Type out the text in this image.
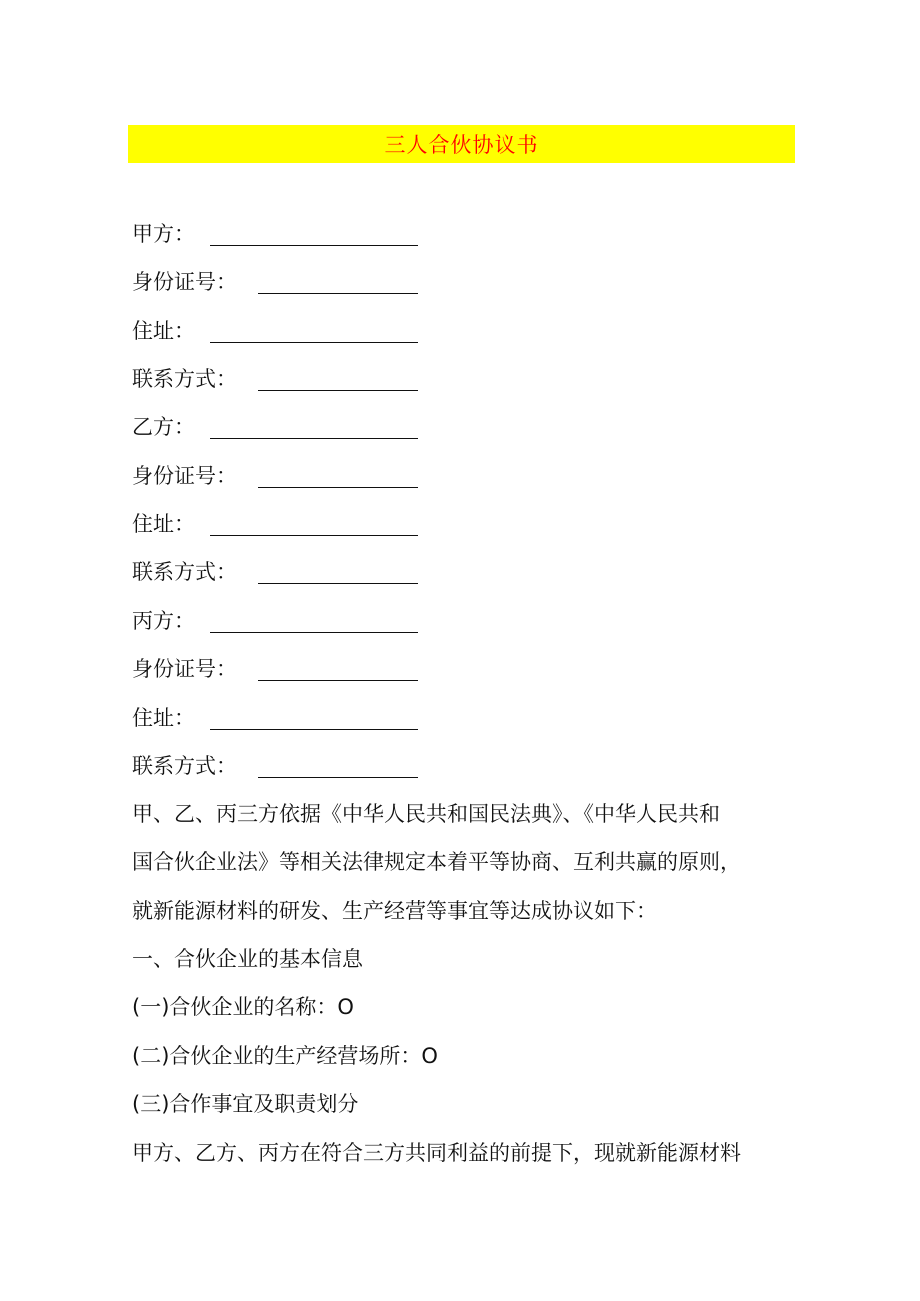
三人合伙协议书
甲方：
身份证号：
住址：
联系方式：
乙方：
身份证号：
住址：
联系方式：
丙方：
身份证号：
住址：
联系方式：
甲、乙、丙三方依据《中华人民共和国民法典》、《中华人民共和
国合伙企业法》等相关法律规定本着平等协商、互利共赢的原则，
就新能源材料的研发、生产经营等事宜等达成协议如下：
一、合伙企业的基本信息
(一)合伙企业的名称：O
(二)合伙企业的生产经营场所：O
(三)合作事宜及职责划分
甲方、乙方、丙方在符合三方共同利益的前提下，现就新能源材料
